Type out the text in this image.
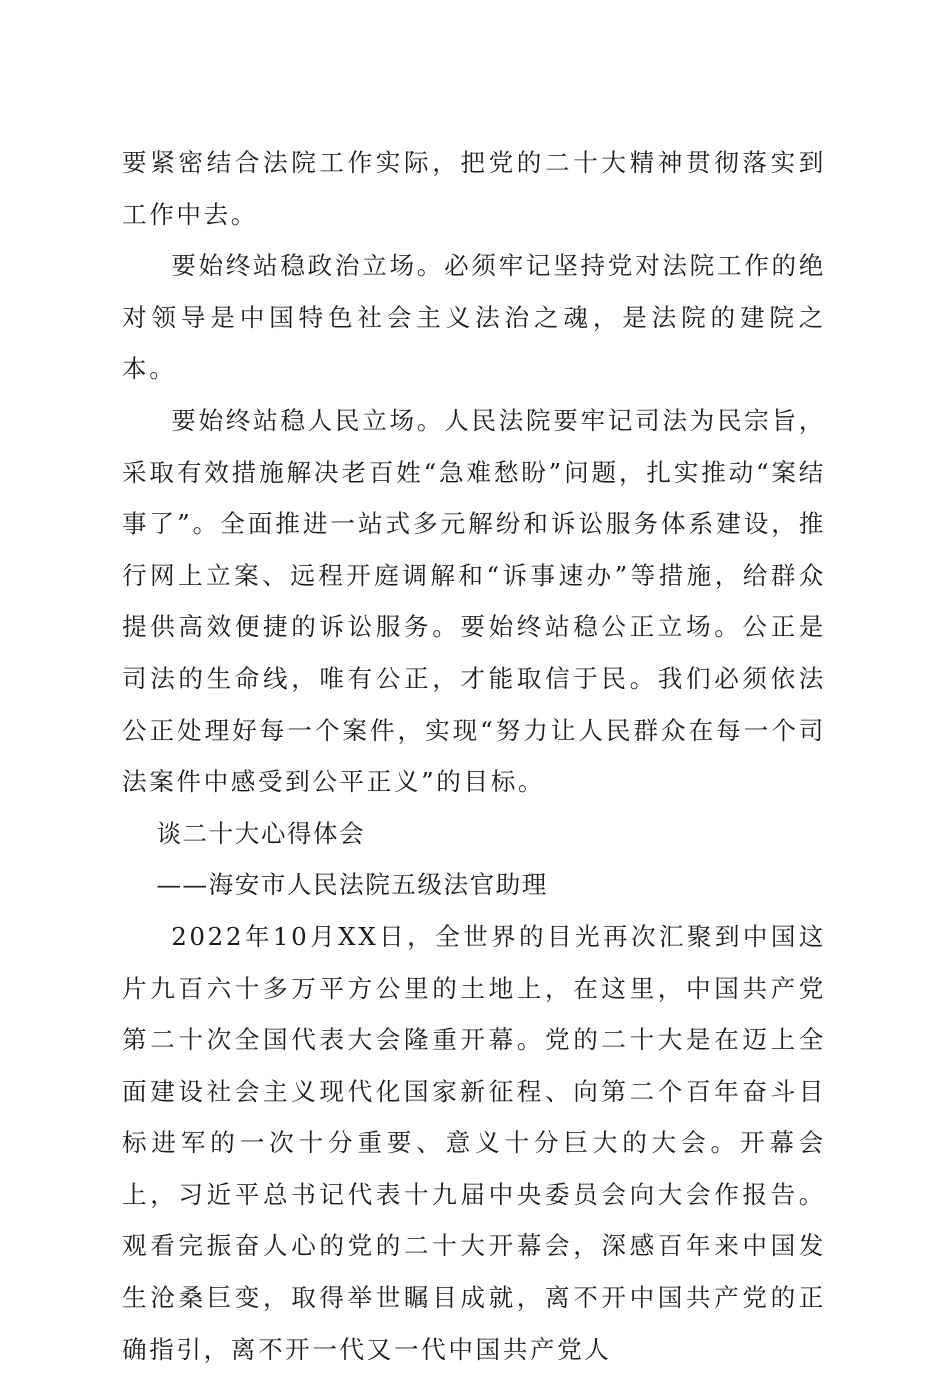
要紧密结合法院工作实际，把党的二十大精神贯彻落实到工作中去。

要始终站稳政治立场。必须牢记坚持党对法院工作的绝对领导是中国特色社会主义法治之魂，是法院的建院之本。

要始终站稳人民立场。人民法院要牢记司法为民宗旨，采取有效措施解决老百姓“急难愁盼”问题，扎实推动“案结事了”。全面推进一站式多元解纷和诉讼服务体系建设，推行网上立案、远程开庭调解和“诉事速办”等措施，给群众提供高效便捷的诉讼服务。要始终站稳公正立场。公正是司法的生命线，唯有公正，才能取信于民。我们必须依法公正处理好每一个案件，实现“努力让人民群众在每一个司法案件中感受到公平正义”的目标。

谈二十大心得体会

——海安市人民法院五级法官助理

2022年10月XX日，全世界的目光再次汇聚到中国这片九百六十多万平方公里的土地上，在这里，中国共产党第二十次全国代表大会隆重开幕。党的二十大是在迈上全面建设社会主义现代化国家新征程、向第二个百年奋斗目标进军的一次十分重要、意义十分巨大的大会。开幕会上，习近平总书记代表十九届中央委员会向大会作报告。观看完振奋人心的党的二十大开幕会，深感百年来中国发生沧桑巨变，取得举世瞩目成就，离不开中国共产党的正确指引，离不开一代又一代中国共产党人
